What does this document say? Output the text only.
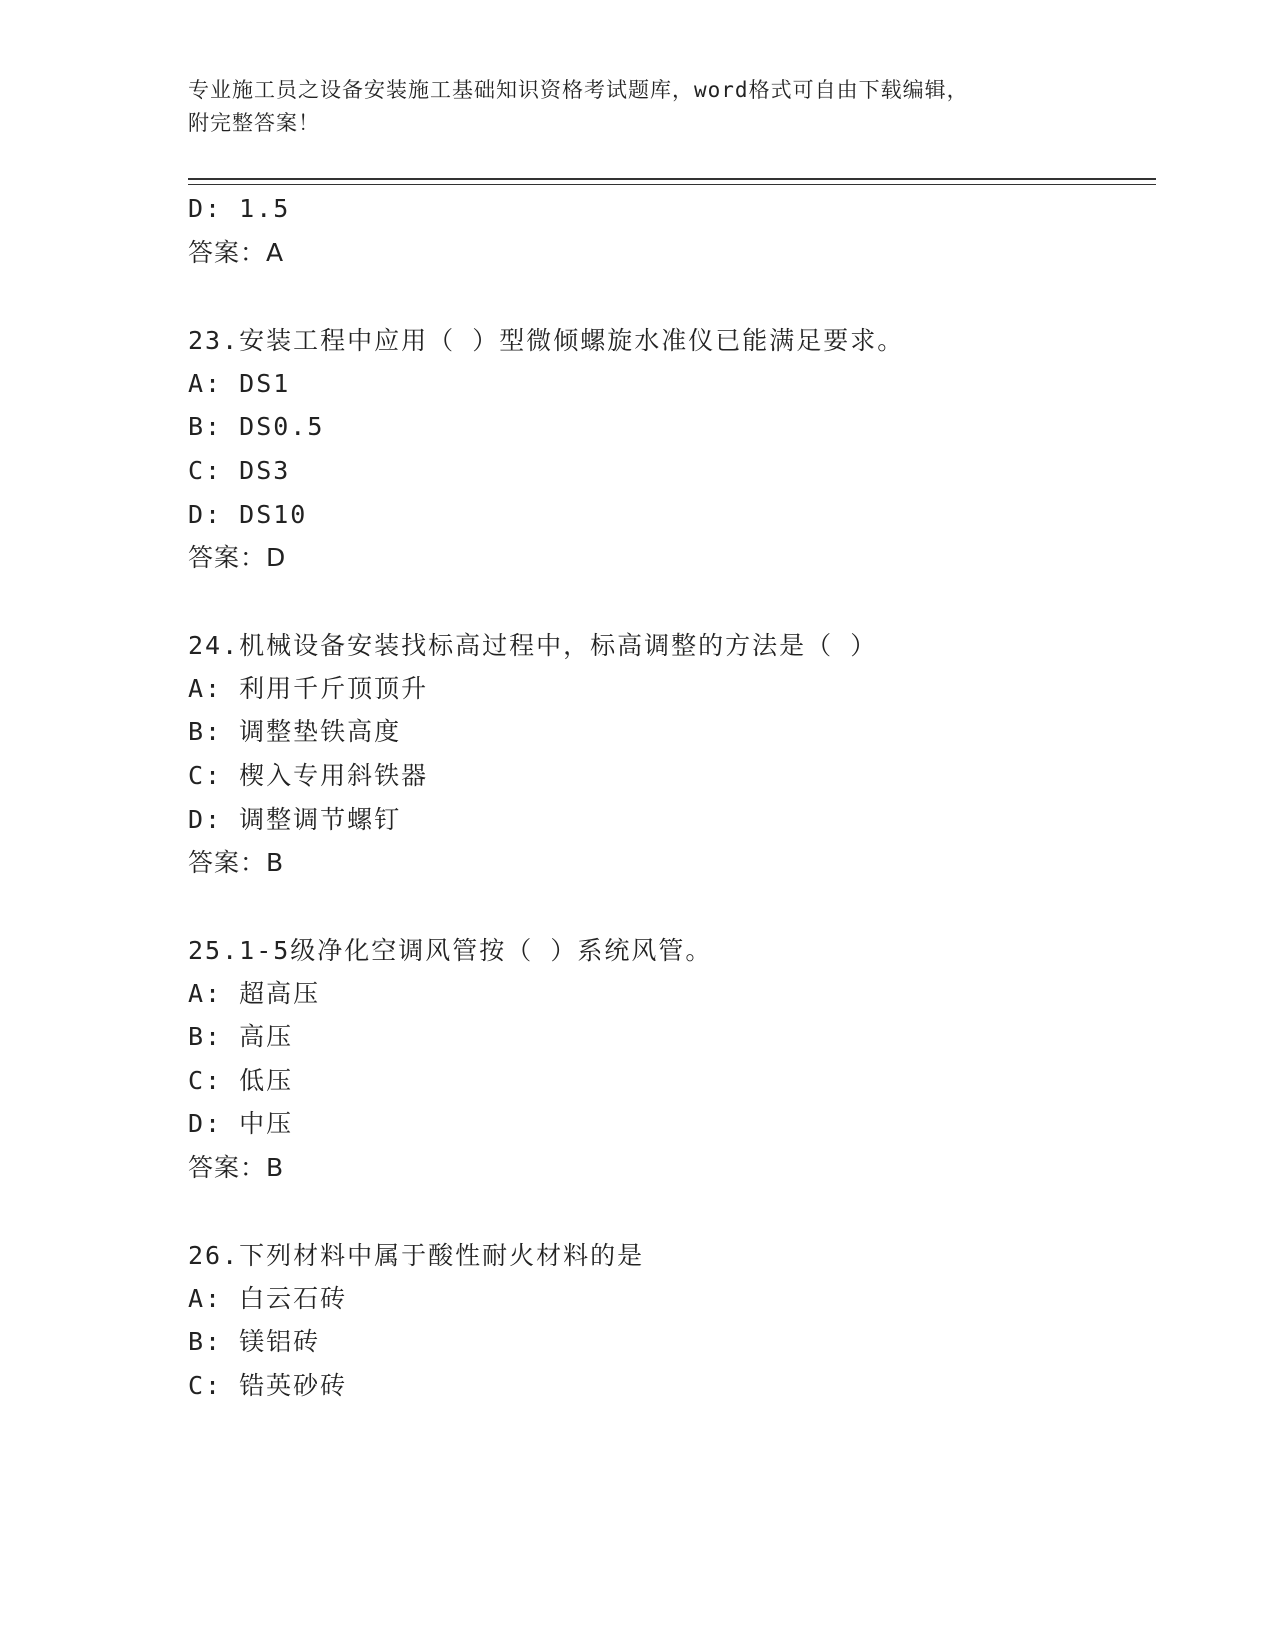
专业施工员之设备安装施工基础知识资格考试题库，word格式可自由下载编辑，
附完整答案！
D: 1.5
答案：A
23.安装工程中应用（ ）型微倾螺旋水准仪已能满足要求。
A: DS1
B: DS0.5
C: DS3
D: DS10
答案：D
24.机械设备安装找标高过程中，标高调整的方法是（ ）
A: 利用千斤顶顶升
B: 调整垫铁高度
C: 楔入专用斜铁器
D: 调整调节螺钉
答案：B
25.1-5级净化空调风管按（ ）系统风管。
A: 超高压
B: 高压
C: 低压
D: 中压
答案：B
26.下列材料中属于酸性耐火材料的是
A: 白云石砖
B: 镁铝砖
C: 锆英砂砖
